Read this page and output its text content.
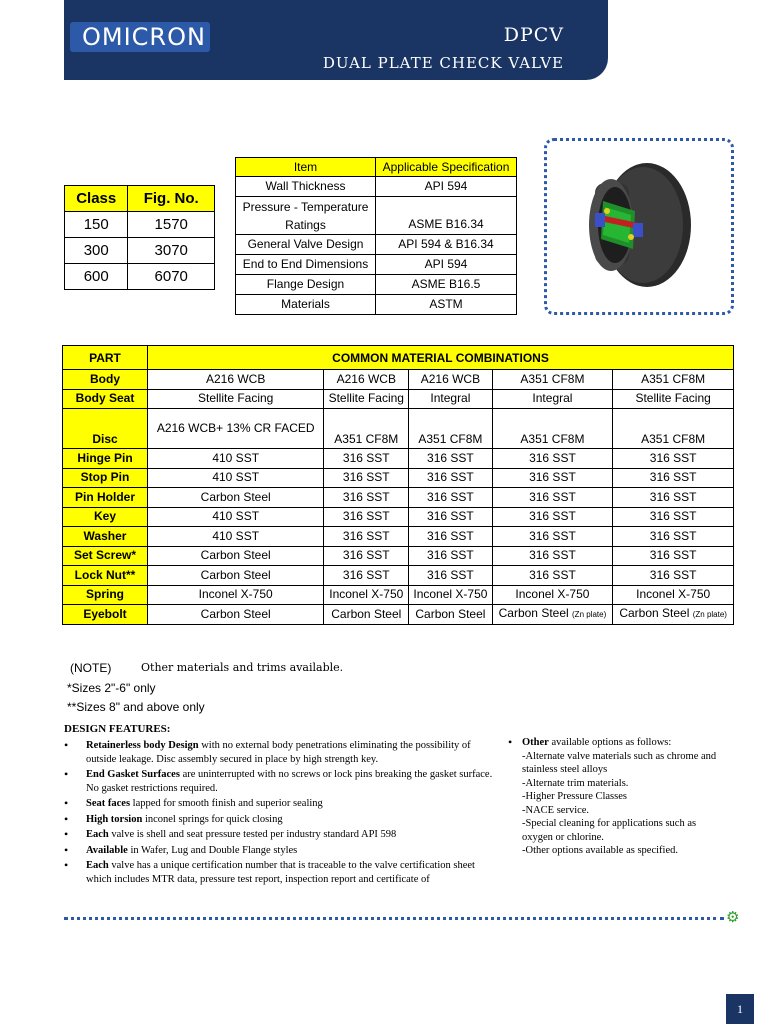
OMICRON	DPCV
DUAL PLATE CHECK VALVE
Class	Fig. No.
150	1570
300	3070
600	6070
Item	Applicable Specification
Wall Thickness	API 594
Pressure - Temperature Ratings	ASME B16.34
General Valve Design	API 594 & B16.34
End to End Dimensions	API 594
Flange Design	ASME B16.5
Materials	ASTM
PART	COMMON MATERIAL COMBINATIONS				
Body	A216 WCB	A216 WCB	A216 WCB	A351 CF8M	A351 CF8M
Body Seat	Stellite Facing	Stellite Facing	Integral	Integral	Stellite Facing
Disc	A216 WCB+ 13% CR FACED	A351 CF8M	A351 CF8M	A351 CF8M	A351 CF8M
Hinge Pin	410 SST	316 SST	316 SST	316 SST	316 SST
Stop Pin	410 SST	316 SST	316 SST	316 SST	316 SST
Pin Holder	Carbon Steel	316 SST	316 SST	316 SST	316 SST
Key	410 SST	316 SST	316 SST	316 SST	316 SST
Washer	410 SST	316 SST	316 SST	316 SST	316 SST
Set Screw*	Carbon Steel	316 SST	316 SST	316 SST	316 SST
Lock Nut**	Carbon Steel	316 SST	316 SST	316 SST	316 SST
Spring	Inconel X-750	Inconel X-750	Inconel X-750	Inconel X-750	Inconel X-750
Eyebolt	Carbon Steel	Carbon Steel	Carbon Steel	Carbon Steel (Zn plate)	Carbon Steel (Zn plate)
(NOTE)	Other materials and trims available.
*Sizes 2"-6" only
**Sizes 8" and above only
DESIGN FEATURES:
• Retainerless body Design with no external body penetrations eliminating the possibility of outside leakage. Disc assembly secured in place by high strength key.
• End Gasket Surfaces are uninterrupted with no screws or lock pins breaking the gasket surface. No gasket restrictions required.
• Seat faces lapped for smooth finish and superior sealing
• High torsion inconel springs for quick closing
• Each valve is shell and seat pressure tested per industry standard API 598
• Available in Wafer, Lug and Double Flange styles
• Each valve has a unique certification number that is traceable to the valve certification sheet which includes MTR data, pressure test report, inspection report and certificate of
• Other available options as follows:
-Alternate valve materials such as chrome and stainless steel alloys
-Alternate trim materials.
-Higher Pressure Classes
-NACE service.
-Special cleaning for applications such as oxygen or chlorine.
-Other options available as specified.
⚙
1
